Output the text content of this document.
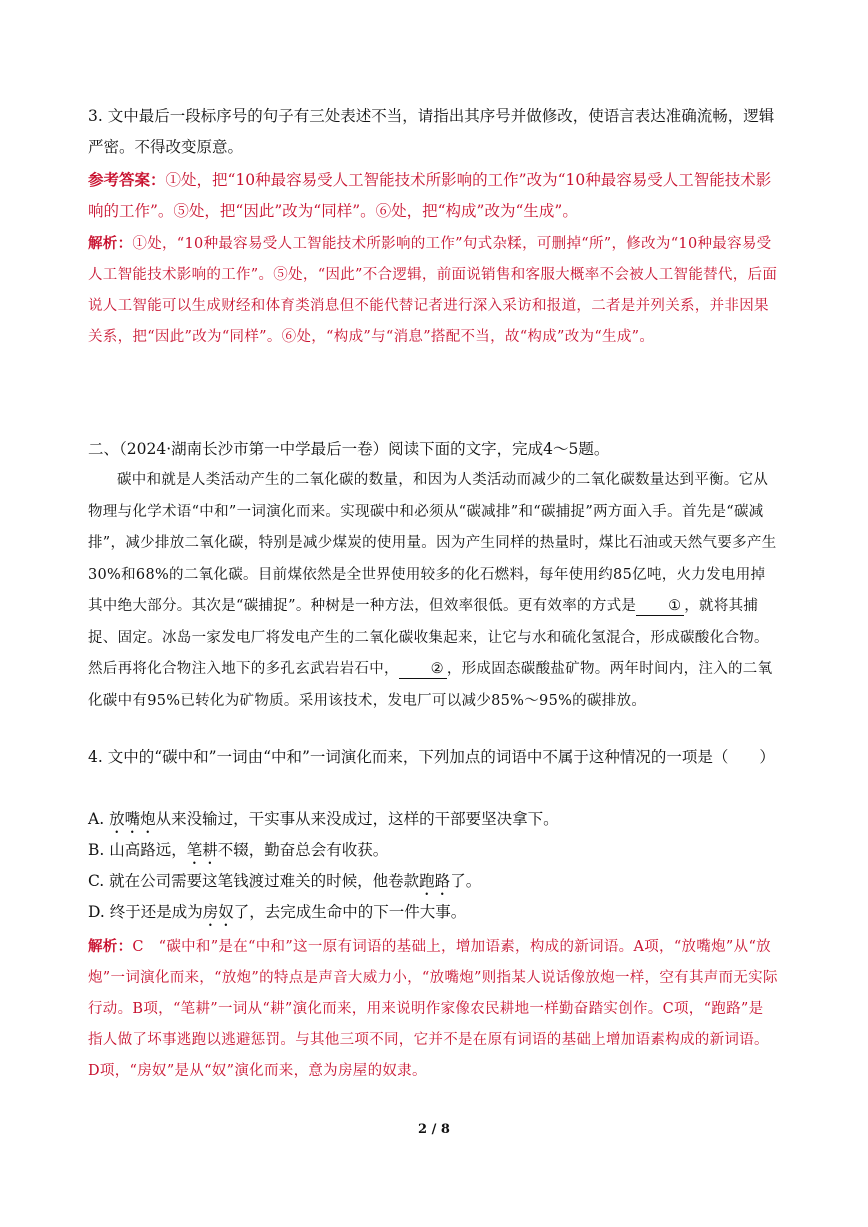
3. 文中最后一段标序号的句子有三处表述不当，请指出其序号并做修改，使语言表达准确流畅，逻辑严密。不得改变原意。
参考答案：①处，把“10种最容易受人工智能技术所影响的工作”改为“10种最容易受人工智能技术影响的工作”。⑤处，把“因此”改为“同样”。⑥处，把“构成”改为“生成”。
解析：①处，“10种最容易受人工智能技术所影响的工作”句式杂糅，可删掉“所”，修改为“10种最容易受人工智能技术影响的工作”。⑤处，“因此”不合逻辑，前面说销售和客服大概率不会被人工智能替代，后面说人工智能可以生成财经和体育类消息但不能代替记者进行深入采访和报道，二者是并列关系，并非因果关系，把“因此”改为“同样”。⑥处，“构成”与“消息”搭配不当，故“构成”改为“生成”。
二、（2024·湖南长沙市第一中学最后一卷）阅读下面的文字，完成4～5题。
碳中和就是人类活动产生的二氧化碳的数量，和因为人类活动而减少的二氧化碳数量达到平衡。它从物理与化学术语“中和”一词演化而来。实现碳中和必须从“碳减排”和“碳捕捉”两方面入手。首先是“碳减排”，减少排放二氧化碳，特别是减少煤炭的使用量。因为产生同样的热量时，煤比石油或天然气要多产生30%和68%的二氧化碳。目前煤依然是全世界使用较多的化石燃料，每年使用约85亿吨，火力发电用掉其中绝大部分。其次是“碳捕捉”。种树是一种方法，但效率很低。更有效率的方式是 ① ，就将其捕捉、固定。冰岛一家发电厂将发电产生的二氧化碳收集起来，让它与水和硫化氢混合，形成碳酸化合物。然后再将化合物注入地下的多孔玄武岩岩石中， ② ，形成固态碳酸盐矿物。两年时间内，注入的二氧化碳中有95%已转化为矿物质。采用该技术，发电厂可以减少85%～95%的碳排放。
4. 文中的“碳中和”一词由“中和”一词演化而来，下列加点的词语中不属于这种情况的一项是（　　）
A. 放嘴炮从来没输过，干实事从来没成过，这样的干部要坚决拿下。
B. 山高路远，笔耕不辍，勤奋总会有收获。
C. 就在公司需要这笔钱渡过难关的时候，他卷款跑路了。
D. 终于还是成为房奴了，去完成生命中的下一件大事。
解析：C　“碳中和”是在“中和”这一原有词语的基础上，增加语素，构成的新词语。A项，“放嘴炮”从“放炮”一词演化而来，“放炮”的特点是声音大威力小，“放嘴炮”则指某人说话像放炮一样，空有其声而无实际行动。B项，“笔耕”一词从“耕”演化而来，用来说明作家像农民耕地一样勤奋踏实创作。C项，“跑路”是指人做了坏事逃跑以逃避惩罚。与其他三项不同，它并不是在原有词语的基础上增加语素构成的新词语。D项，“房奴”是从“奴”演化而来，意为房屋的奴隶。
2 / 8
